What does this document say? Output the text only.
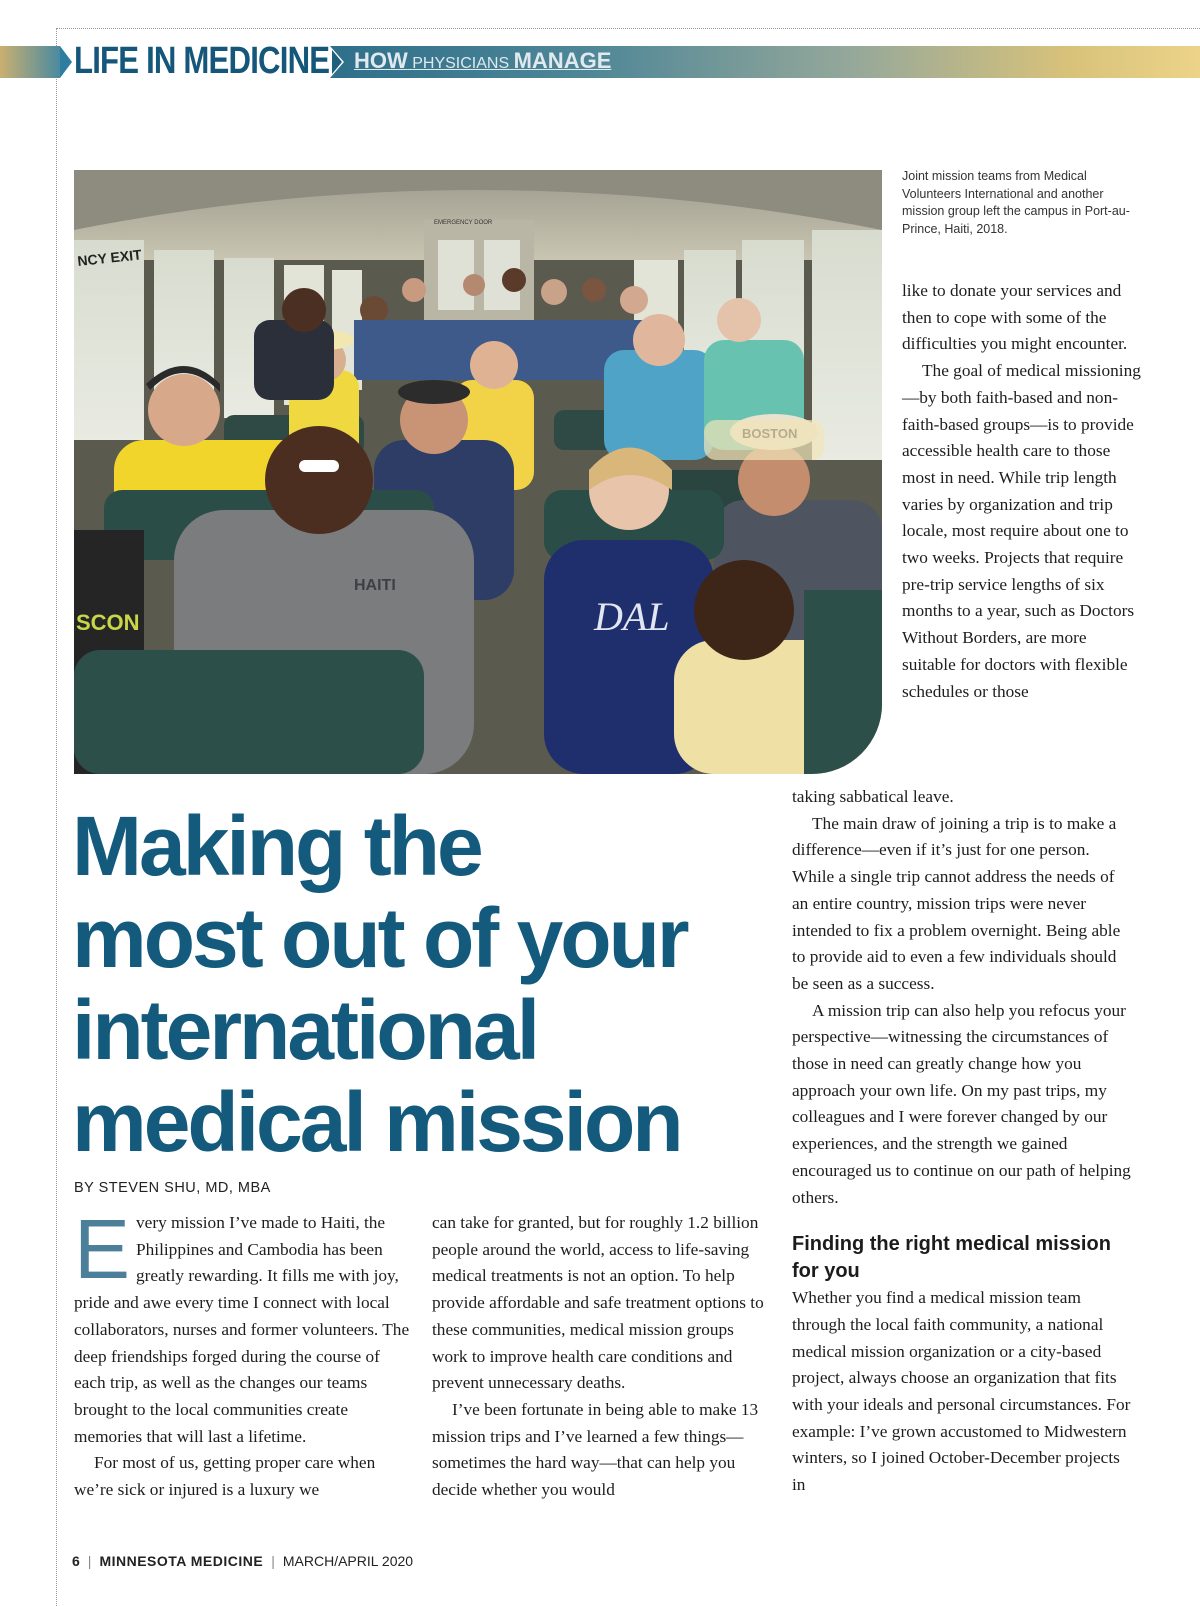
LIFE IN MEDICINE HOW PHYSICIANS MANAGE
EMERGENCY DOOR
NCY EXIT
HAITI
SCON	DAL
Joint mission teams from Medical Volunteers International and another mission group left the campus in Port-au-Prince, Haiti, 2018.
Making the
most out of your
international
medical mission
BY STEVEN SHU, MD, MBA

Every mission I’ve made to Haiti, the Philippines and Cambodia has been greatly rewarding. It fills me with joy, pride and awe every time I connect with local collaborators, nurses and former volunteers. The deep friendships forged during the course of each trip, as well as the changes our teams brought to the local communities create memories that will last a lifetime.

For most of us, getting proper care when we’re sick or injured is a luxury we

can take for granted, but for roughly 1.2 billion people around the world, access to life-saving medical treatments is not an option. To help provide affordable and safe treatment options to these communities, medical mission groups work to improve health care conditions and prevent unnecessary deaths.

I’ve been fortunate in being able to make 13 mission trips and I’ve learned a few things—sometimes the hard way—that can help you decide whether you would

like to donate your services and then to cope with some of the difficulties you might encounter.

The goal of medical missioning—by both faith-based and non-faith-based groups—is to provide accessible health care to those most in need. While trip length varies by organization and trip locale, most require about one to two weeks. Projects that require pre-trip service lengths of six months to a year, such as Doctors Without Borders, are more suitable for doctors with flexible schedules or those

taking sabbatical leave.

The main draw of joining a trip is to make a difference—even if it’s just for one person. While a single trip cannot address the needs of an entire country, mission trips were never intended to fix a problem overnight. Being able to provide aid to even a few individuals should be seen as a success.

A mission trip can also help you refocus your perspective—witnessing the circumstances of those in need can greatly change how you approach your own life. On my past trips, my colleagues and I were forever changed by our experiences, and the strength we gained encouraged us to continue on our path of helping others.

Finding the right medical mission for you

Whether you find a medical mission team through the local faith community, a national medical mission organization or a city-based project, always choose an organization that fits with your ideals and personal circumstances. For example: I’ve grown accustomed to Midwestern winters, so I joined October-December projects in

6 | MINNESOTA MEDICINE | MARCH/APRIL 2020
